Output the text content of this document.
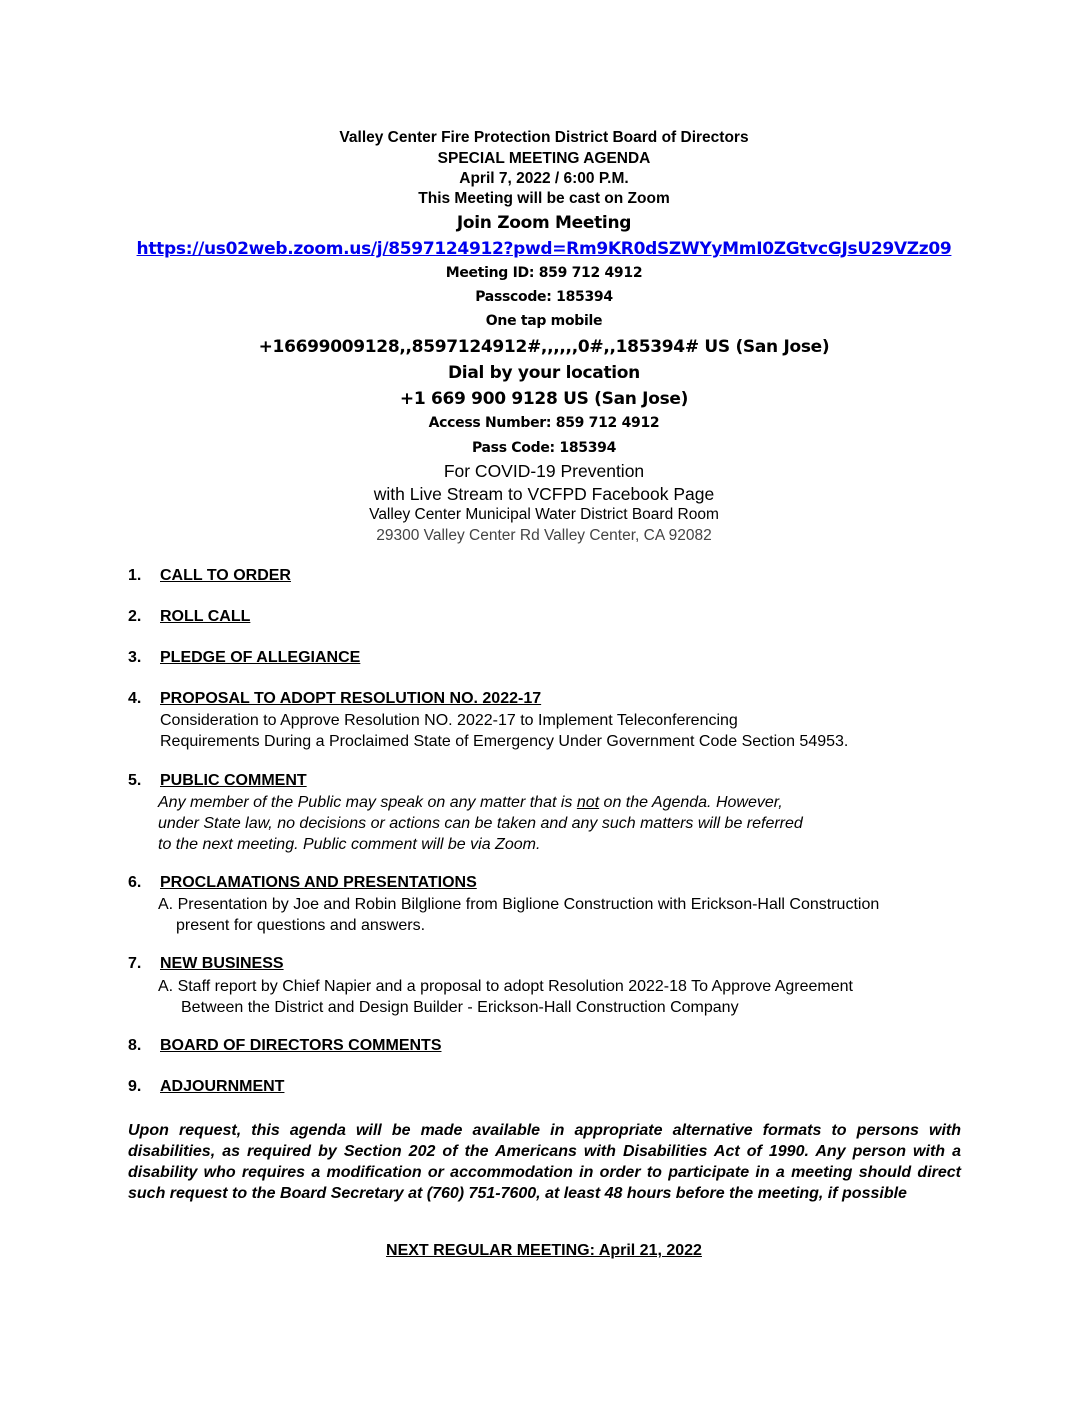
Valley Center Fire Protection District Board of Directors
SPECIAL MEETING AGENDA
April 7, 2022 / 6:00 P.M.
This Meeting will be cast on Zoom
Join Zoom Meeting
https://us02web.zoom.us/j/8597124912?pwd=Rm9KR0dSZWYyMmI0ZGtvcGJsU29VZz09
Meeting ID: 859 712 4912
Passcode: 185394
One tap mobile
+16699009128,,8597124912#,,,,,,0#,,185394# US (San Jose)
Dial by your location
+1 669 900 9128 US (San Jose)
Access Number: 859 712 4912
Pass Code: 185394
For COVID-19 Prevention
with Live Stream to VCFPD Facebook Page
Valley Center Municipal Water District Board Room
29300 Valley Center Rd Valley Center, CA 92082
1. CALL TO ORDER
2. ROLL CALL
3. PLEDGE OF ALLEGIANCE
4. PROPOSAL TO ADOPT RESOLUTION NO. 2022-17
Consideration to Approve Resolution NO. 2022-17 to Implement Teleconferencing
Requirements During a Proclaimed State of Emergency Under Government Code Section 54953.
5. PUBLIC COMMENT
Any member of the Public may speak on any matter that is not on the Agenda. However,
under State law, no decisions or actions can be taken and any such matters will be referred
to the next meeting. Public comment will be via Zoom.
6. PROCLAMATIONS AND PRESENTATIONS
A. Presentation by Joe and Robin Bilglione from Biglione Construction with Erickson-Hall Construction
present for questions and answers.
7. NEW BUSINESS
A. Staff report by Chief Napier and a proposal to adopt Resolution 2022-18 To Approve Agreement
Between the District and Design Builder - Erickson-Hall Construction Company
8. BOARD OF DIRECTORS COMMENTS
9. ADJOURNMENT
Upon request, this agenda will be made available in appropriate alternative formats to persons with disabilities, as required by Section 202 of the Americans with Disabilities Act of 1990. Any person with a disability who requires a modification or accommodation in order to participate in a meeting should direct such request to the Board Secretary at (760) 751-7600, at least 48 hours before the meeting, if possible
NEXT REGULAR MEETING: April 21, 2022
